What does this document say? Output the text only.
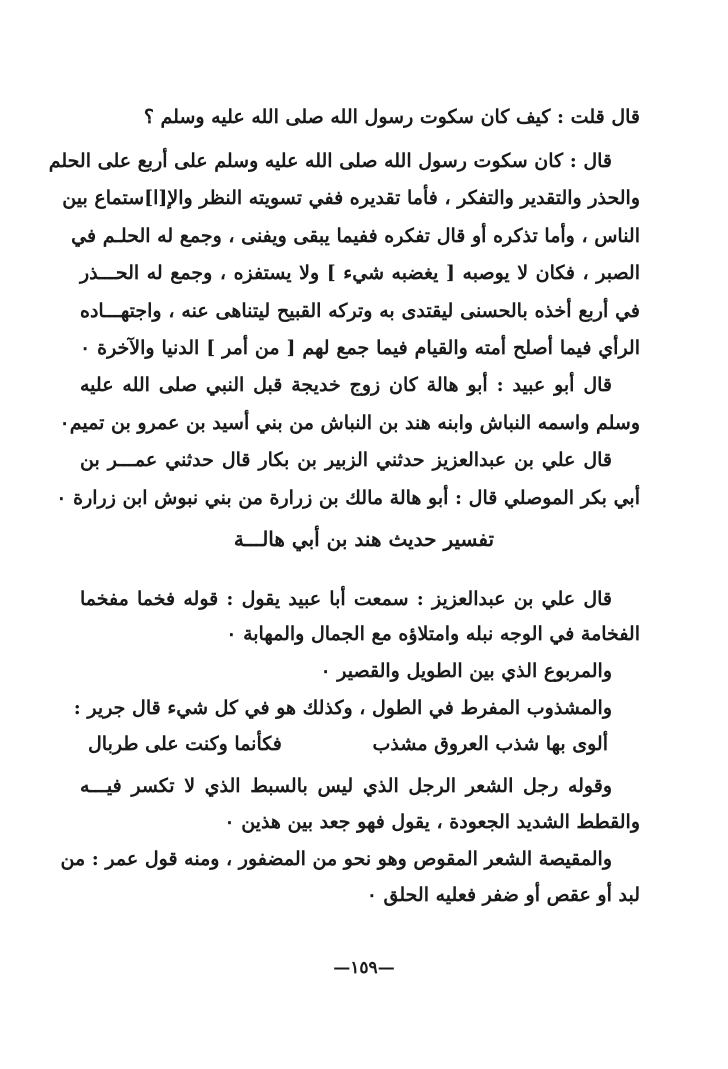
قال قلت : كيف كان سكوت رسول الله صلى الله عليه وسلم ؟
قال : كان سكوت رسول الله صلى الله عليه وسلم على أربع على الحلم
والحذر والتقدير والتفكر ، فأما تقديره ففي تسويته النظر والإ[ا]ستماع بين
الناس ، وأما تذكره أو قال تفكره ففيما يبقى ويفنى ، وجمع له الحلـم في
الصبر ، فكان لا يوصبه [ يغضبه شيء ] ولا يستفزه ، وجمع له الحـــذر
في أربع أخذه بالحسنى ليقتدى به وتركه القبيح ليتناهى عنه ، واجتهـــاده
الرأي فيما أصلح أمته والقيام فيما جمع لهم [ من أمر ] الدنيا والآخرة ٠
قال أبو عبيد : أبو هالة كان زوج خديجة قبل النبي صلى الله عليه
وسلم واسمه النباش وابنه هند بن النباش من بني أسيد بن عمرو بن تميم٠
قال علي بن عبدالعزيز حدثني الزبير بن بكار قال حدثني عمـــر بن
أبي بكر الموصلي قال : أبو هالة مالك بن زرارة من بني نبوش ابن زرارة ٠
تفسير حديث هند بن أبي هالـــة
قال علي بن عبدالعزيز : سمعت أبا عبيد يقول : قوله فخما مفخما
الفخامة في الوجه نبله وامتلاؤه مع الجمال والمهابة ٠
والمربوع الذي بين الطويل والقصير ٠
والمشذوب المفرط في الطول ، وكذلك هو في كل شيء قال جرير :
ألوى بها شذب العروق مشذب
فكأنما وكنت على طربال
وقوله رجل الشعر الرجل الذي ليس بالسبط الذي لا تكسر فيـــه
والقطط الشديد الجعودة ، يقول فهو جعد بين هذين ٠
والمقيصة الشعر المقوص وهو نحو من المضفور ، ومنه قول عمر : من
لبد أو عقص أو ضفر فعليه الحلق ٠
—١٥٩—
